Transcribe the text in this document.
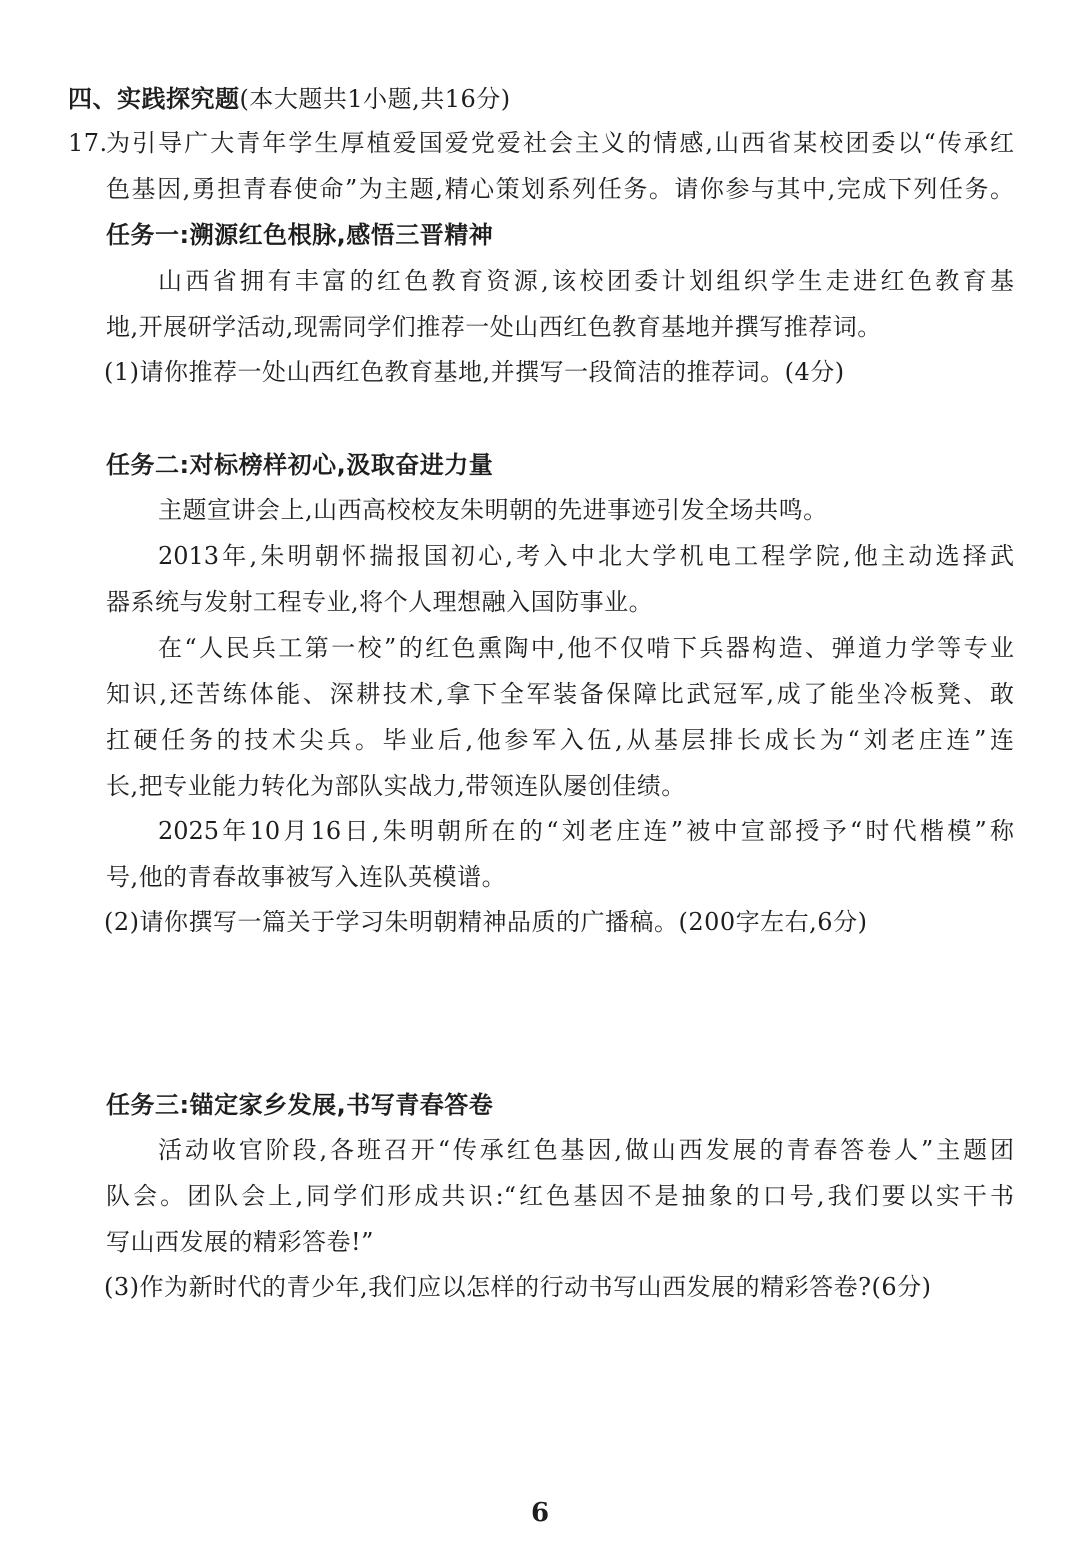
四、实践探究题(本大题共1小题,共16分)
17.
为引导广大青年学生厚植爱国爱党爱社会主义的情感,山西省某校团委以“传承红
色基因,勇担青春使命”为主题,精心策划系列任务。请你参与其中,完成下列任务。
任务一:溯源红色根脉,感悟三晋精神
山西省拥有丰富的红色教育资源,该校团委计划组织学生走进红色教育基
地,开展研学活动,现需同学们推荐一处山西红色教育基地并撰写推荐词。
(1)请你推荐一处山西红色教育基地,并撰写一段简洁的推荐词。(4分)
任务二:对标榜样初心,汲取奋进力量
主题宣讲会上,山西高校校友朱明朝的先进事迹引发全场共鸣。
2013年,朱明朝怀揣报国初心,考入中北大学机电工程学院,他主动选择武
器系统与发射工程专业,将个人理想融入国防事业。
在“人民兵工第一校”的红色熏陶中,他不仅啃下兵器构造、弹道力学等专业
知识,还苦练体能、深耕技术,拿下全军装备保障比武冠军,成了能坐冷板凳、敢
扛硬任务的技术尖兵。毕业后,他参军入伍,从基层排长成长为“刘老庄连”连
长,把专业能力转化为部队实战力,带领连队屡创佳绩。
2025年10月16日,朱明朝所在的“刘老庄连”被中宣部授予“时代楷模”称
号,他的青春故事被写入连队英模谱。
(2)请你撰写一篇关于学习朱明朝精神品质的广播稿。(200字左右,6分)
任务三:锚定家乡发展,书写青春答卷
活动收官阶段,各班召开“传承红色基因,做山西发展的青春答卷人”主题团
队会。团队会上,同学们形成共识:“红色基因不是抽象的口号,我们要以实干书
写山西发展的精彩答卷!”
(3)作为新时代的青少年,我们应以怎样的行动书写山西发展的精彩答卷?(6分)
6
